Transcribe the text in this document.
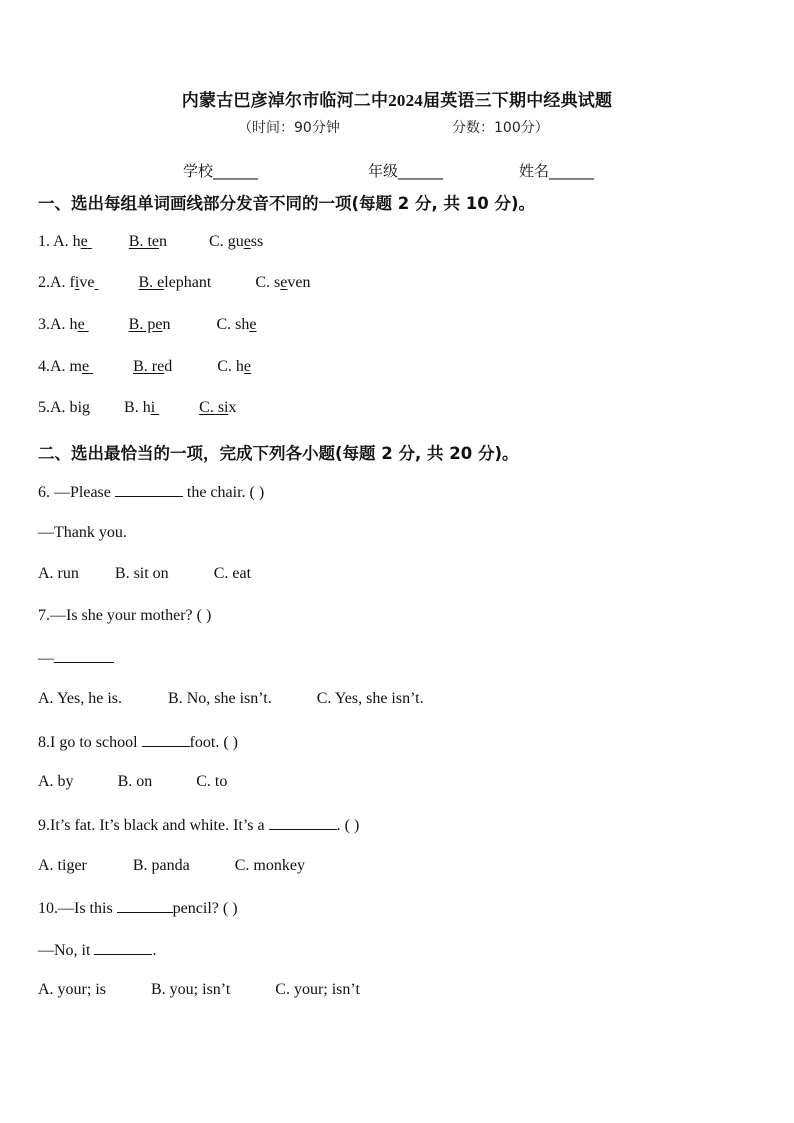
内蒙古巴彦淖尔市临河二中2024届英语三下期中经典试题
（时间：90分钟	分数：100分）
学校______	年级______	姓名______
一、选出每组单词画线部分发音不同的一项(每题 2 分, 共 10 分)。
1. A. he	B. ten	C. guess
2.A. five	B. elephant	C. seven
3.A. he	B. pen	C. she
4.A. me	B. red	C. he
5.A. big B. hi	C. six
二、选出最恰当的一项，完成下列各小题(每题 2 分, 共 20 分)。
6. —Please	the chair. ( )
—Thank you.
A. run B. sit on	C. eat
7.—Is she your mother? ( )
—
A. Yes, he is.	B. No, she isn’t.	C. Yes, she isn’t.
8.I go to school	foot. ( )
A. by	B. on	C. to
9.It’s fat. It’s black and white. It’s a	. ( )
A. tiger	B. panda	C. monkey
10.—Is this	pencil? ( )
—No, it	.
A. your; is	B. you; isn’t	C. your; isn’t
